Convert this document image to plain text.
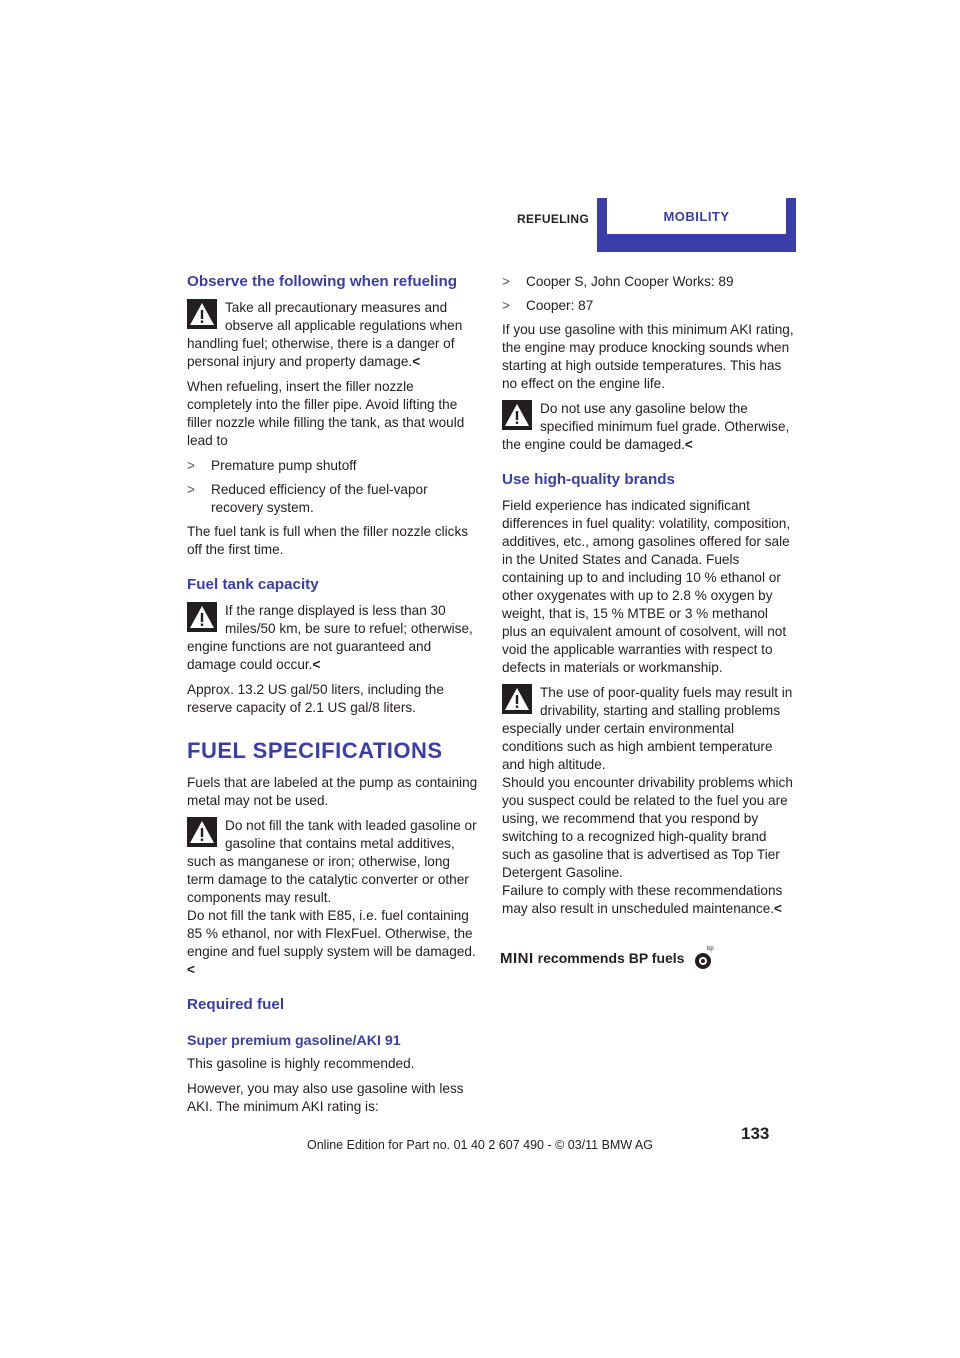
REFUELING	MOBILITY
Observe the following when refueling
Take all precautionary measures and observe all applicable regulations when handling fuel; otherwise, there is a danger of personal injury and property damage.<

When refueling, insert the filler nozzle completely into the filler pipe. Avoid lifting the filler nozzle while filling the tank, as that would lead to

> Premature pump shutoff
> Reduced efficiency of the fuel-vapor recovery system.

The fuel tank is full when the filler nozzle clicks off the first time.

Fuel tank capacity
If the range displayed is less than 30 miles/50 km, be sure to refuel; otherwise, engine functions are not guaranteed and damage could occur.<

Approx. 13.2 US gal/50 liters, including the reserve capacity of 2.1 US gal/8 liters.

FUEL SPECIFICATIONS

Fuels that are labeled at the pump as containing metal may not be used.

Do not fill the tank with leaded gasoline or gasoline that contains metal additives, such as manganese or iron; otherwise, long term damage to the catalytic converter or other components may result.
Do not fill the tank with E85, i.e. fuel containing 85 % ethanol, nor with FlexFuel. Otherwise, the engine and fuel supply system will be damaged.<
Required fuel
Super premium gasoline/AKI 91

This gasoline is highly recommended.

However, you may also use gasoline with less AKI. The minimum AKI rating is:

> Cooper S, John Cooper Works: 89
> Cooper: 87

If you use gasoline with this minimum AKI rating, the engine may produce knocking sounds when starting at high outside temperatures. This has no effect on the engine life.

Do not use any gasoline below the specified minimum fuel grade. Otherwise, the engine could be damaged.<
Use high-quality brands

Field experience has indicated significant differences in fuel quality: volatility, composition, additives, etc., among gasolines offered for sale in the United States and Canada. Fuels containing up to and including 10 % ethanol or other oxygenates with up to 2.8 % oxygen by weight, that is, 15 % MTBE or 3 % methanol plus an equivalent amount of cosolvent, will not void the applicable warranties with respect to defects in materials or workmanship.

The use of poor-quality fuels may result in drivability, starting and stalling problems especially under certain environmental conditions such as high ambient temperature and high altitude.
Should you encounter drivability problems which you suspect could be related to the fuel you are using, we recommend that you respond by switching to a recognized high-quality brand such as gasoline that is advertised as Top Tier Detergent Gasoline.
Failure to comply with these recommendations may also result in unscheduled maintenance.<
MINI recommends BP fuels
bp
133
Online Edition for Part no. 01 40 2 607 490 - © 03/11 BMW AG
